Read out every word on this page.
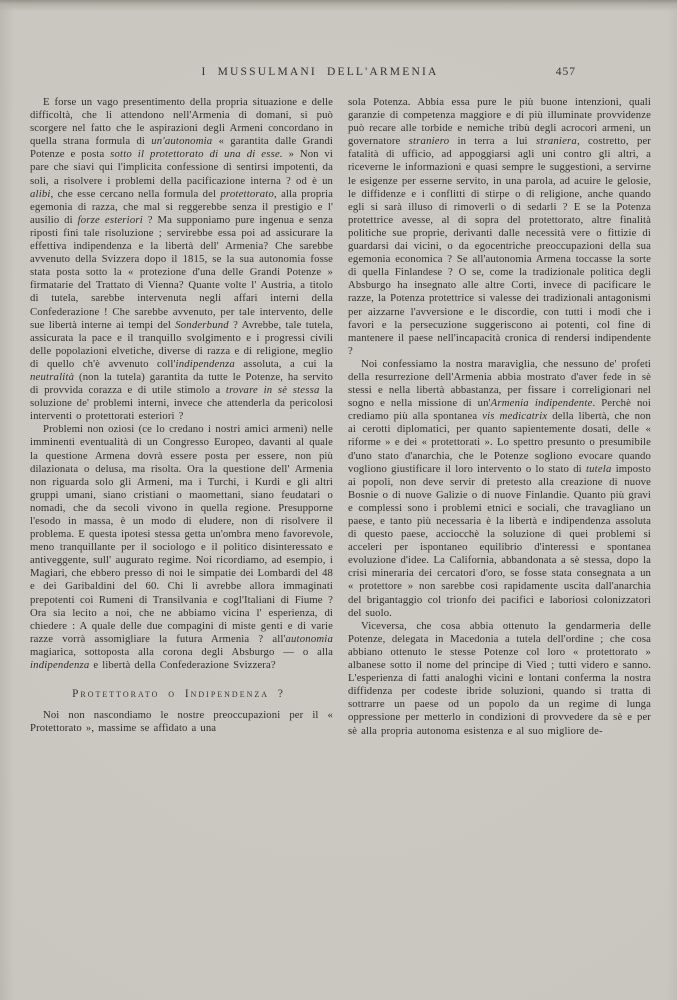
I MUSSULMANI DELL'ARMENIA	457

E forse un vago presentimento della propria situazione e delle difficoltà, che li attendono nell'Armenia di domani, si può scorgere nel fatto che le aspirazioni degli Armeni concordano in quella strana formula di un'autonomia « garantita dalle Grandi Potenze e posta sotto il protettorato di una di esse. » Non vi pare che siavi qui l'implicita confessione di sentirsi impotenti, da soli, a risolvere i problemi della pacificazione interna ? od è un alibi, che esse cercano nella formula del protettorato, alla propria egemonia di razza, che mal si reggerebbe senza il prestigio e l' ausilio di forze esteriori ? Ma supponiamo pure ingenua e senza riposti fini tale risoluzione ; servirebbe essa poi ad assicurare la effettiva indipendenza e la libertà dell' Armenia? Che sarebbe avvenuto della Svizzera dopo il 1815, se la sua autonomia fosse stata posta sotto la « protezione d'una delle Grandi Potenze » firmatarie del Trattato di Vienna? Quante volte l' Austria, a titolo di tutela, sarebbe intervenuta negli affari interni della Confederazione ! Che sarebbe avvenuto, per tale intervento, delle sue libertà interne ai tempi del Sonderbund ? Avrebbe, tale tutela, assicurata la pace e il tranquillo svolgimento e i progressi civili delle popolazioni elvetiche, diverse di razza e di religione, meglio di quello ch'è avvenuto coll'indipendenza assoluta, a cui la neutralità (non la tutela) garantita da tutte le Potenze, ha servito di provvida corazza e di utile stimolo a trovare in sè stessa la soluzione de' problemi interni, invece che attenderla da pericolosi interventi o protettorati esteriori ?

Problemi non oziosi (ce lo credano i nostri amici armeni) nelle imminenti eventualità di un Congresso Europeo, davanti al quale la questione Armena dovrà essere posta per essere, non più dilazionata o delusa, ma risolta. Ora la questione dell' Armenia non riguarda solo gli Armeni, ma i Turchi, i Kurdi e gli altri gruppi umani, siano cristiani o maomettani, siano feudatari o nomadi, che da secoli vivono in quella regione. Presupporne l'esodo in massa, è un modo di eludere, non di risolvere il problema. E questa ipotesi stessa getta un'ombra meno favorevole, meno tranquillante per il sociologo e il politico disinteressato e antiveggente, sull' augurato regime. Noi ricordiamo, ad esempio, i Magiari, che ebbero presso di noi le simpatie dei Lombardi del 48 e dei Garibaldini del 60. Chi li avrebbe allora immaginati prepotenti coi Rumeni di Transilvania e cogl'Italiani di Fiume ? Ora sia lecito a noi, che ne abbiamo vicina l' esperienza, di chiedere : A quale delle due compagini di miste genti e di varie razze vorrà assomigliare la futura Armenia ? all'autonomia magiarica, sottoposta alla corona degli Absburgo — o alla indipendenza e libertà della Confederazione Svizzera?

Protettorato o Indipendenza ?

Noi non nascondiamo le nostre preoccupazioni per il « Protettorato », massime se affidato a una

sola Potenza. Abbia essa pure le più buone intenzioni, quali garanzie di competenza maggiore e di più illuminate provvidenze può recare alle torbide e nemiche tribù degli acrocori armeni, un governatore straniero in terra a lui straniera, costretto, per fatalità di ufficio, ad appoggiarsi agli uni contro gli altri, a riceverne le informazioni e quasi sempre le suggestioni, a servirne le esigenze per esserne servito, in una parola, ad acuire le gelosie, le diffidenze e i conflitti di stirpe o di religione, anche quando egli si sarà illuso di rimoverli o di sedarli ? E se la Potenza protettrice avesse, al di sopra del protettorato, altre finalità politiche sue proprie, derivanti dalle necessità vere o fittizie di guardarsi dai vicini, o da egocentriche preoccupazioni della sua egemonia economica ? Se all'autonomia Armena toccasse la sorte di quella Finlandese ? O se, come la tradizionale politica degli Absburgo ha insegnato alle altre Corti, invece di pacificare le razze, la Potenza protettrice si valesse dei tradizionali antagonismi per aizzarne l'avversione e le discordie, con tutti i modi che i favori e la persecuzione suggeriscono ai potenti, col fine di mantenere il paese nell'incapacità cronica di rendersi indipendente ?

Noi confessiamo la nostra maraviglia, che nessuno de' profeti della resurrezione dell'Armenia abbia mostrato d'aver fede in sè stessi e nella libertà abbastanza, per fissare i correligionari nel sogno e nella missione di un'Armenia indipendente. Perchè noi crediamo più alla spontanea vis medicatrix della libertà, che non ai cerotti diplomatici, per quanto sapientemente dosati, delle « riforme » e dei « protettorati ». Lo spettro presunto o presumibile d'uno stato d'anarchia, che le Potenze sogliono evocare quando vogliono giustificare il loro intervento o lo stato di tutela imposto ai popoli, non deve servir di pretesto alla creazione di nuove Bosnie o di nuove Galizie o di nuove Finlandie. Quanto più gravi e complessi sono i problemi etnici e sociali, che travagliano un paese, e tanto più necessaria è la libertà e indipendenza assoluta di questo paese, acciocchè la soluzione di quei problemi si acceleri per ispontaneo equilibrio d'interessi e spontanea evoluzione d'idee. La California, abbandonata a sè stessa, dopo la crisi mineraria dei cercatori d'oro, se fosse stata consegnata a un « protettore » non sarebbe così rapidamente uscita dall'anarchia del brigantaggio col trionfo dei pacifici e laboriosi colonizzatori del suolo.

Viceversa, che cosa abbia ottenuto la gendarmeria delle Potenze, delegata in Macedonia a tutela dell'ordine ; che cosa abbiano ottenuto le stesse Potenze col loro « protettorato » albanese sotto il nome del principe di Vied ; tutti videro e sanno. L'esperienza di fatti analoghi vicini e lontani conferma la nostra diffidenza per codeste ibride soluzioni, quando si tratta di sottrarre un paese od un popolo da un regime di lunga oppressione per metterlo in condizioni di provvedere da sè e per sè alla propria autonoma esistenza e al suo migliore de-
